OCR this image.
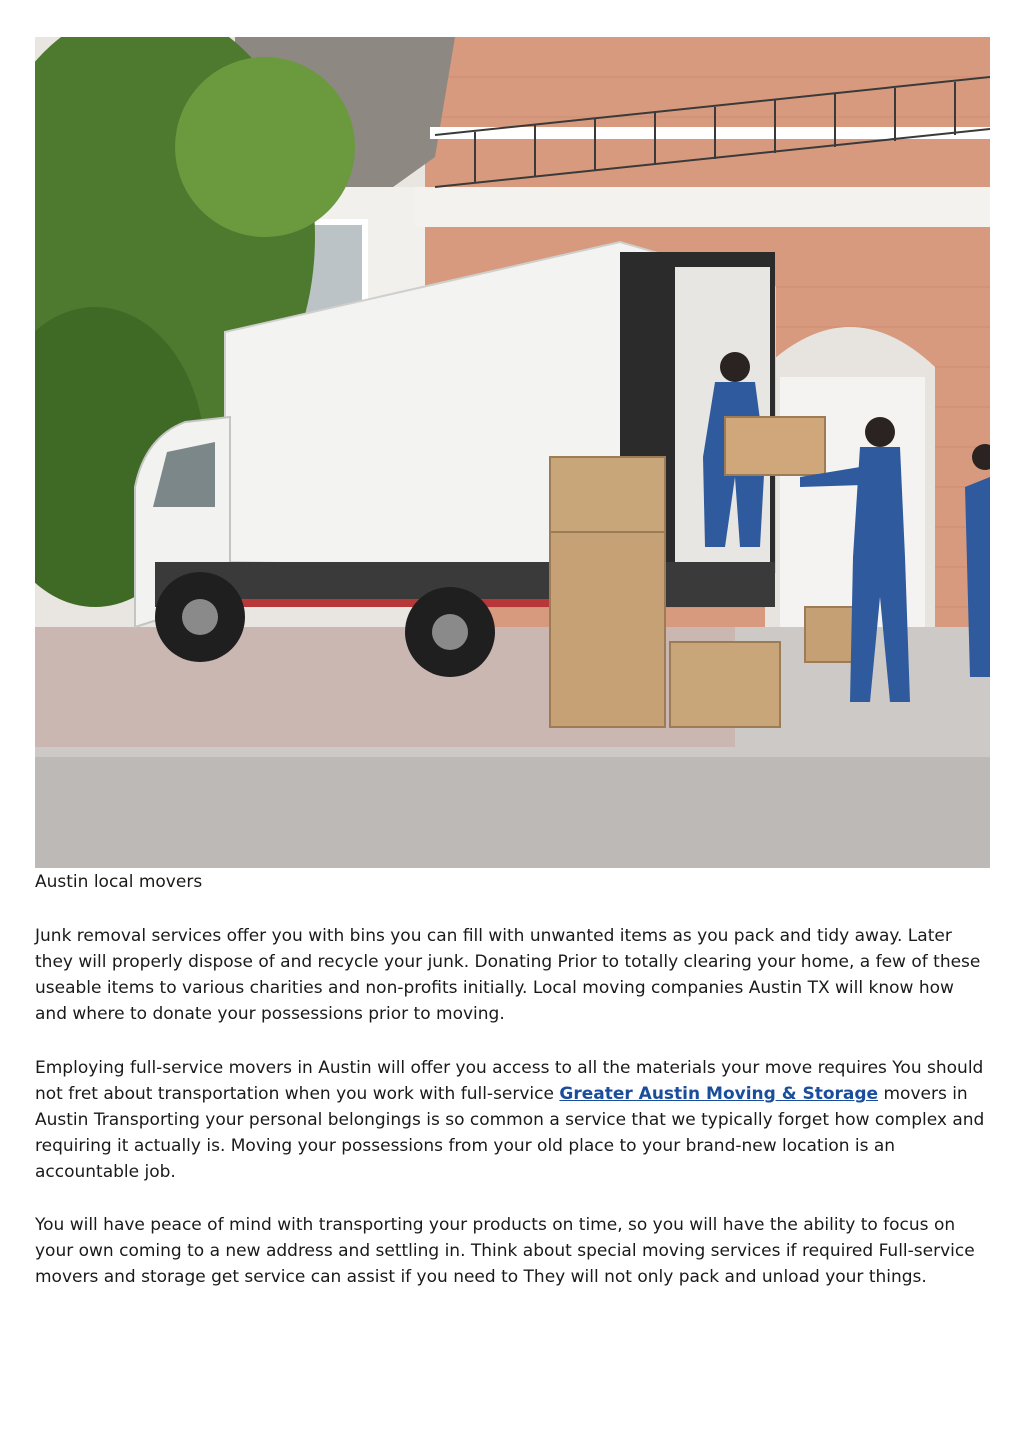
Austin local movers

Junk removal services offer you with bins you can fill with unwanted items as you pack and tidy away. Later they will properly dispose of and recycle your junk. Donating Prior to totally clearing your home, a few of these useable items to various charities and non-profits initially. Local moving companies Austin TX will know how and where to donate your possessions prior to moving.

Employing full-service movers in Austin will offer you access to all the materials your move requires You should not fret about transportation when you work with full-service Greater Austin Moving & Storage movers in Austin Transporting your personal belongings is so common a service that we typically forget how complex and requiring it actually is. Moving your possessions from your old place to your brand-new location is an accountable job.

You will have peace of mind with transporting your products on time, so you will have the ability to focus on your own coming to a new address and settling in. Think about special moving services if required Full-service movers and storage get service can assist if you need to They will not only pack and unload your things.
